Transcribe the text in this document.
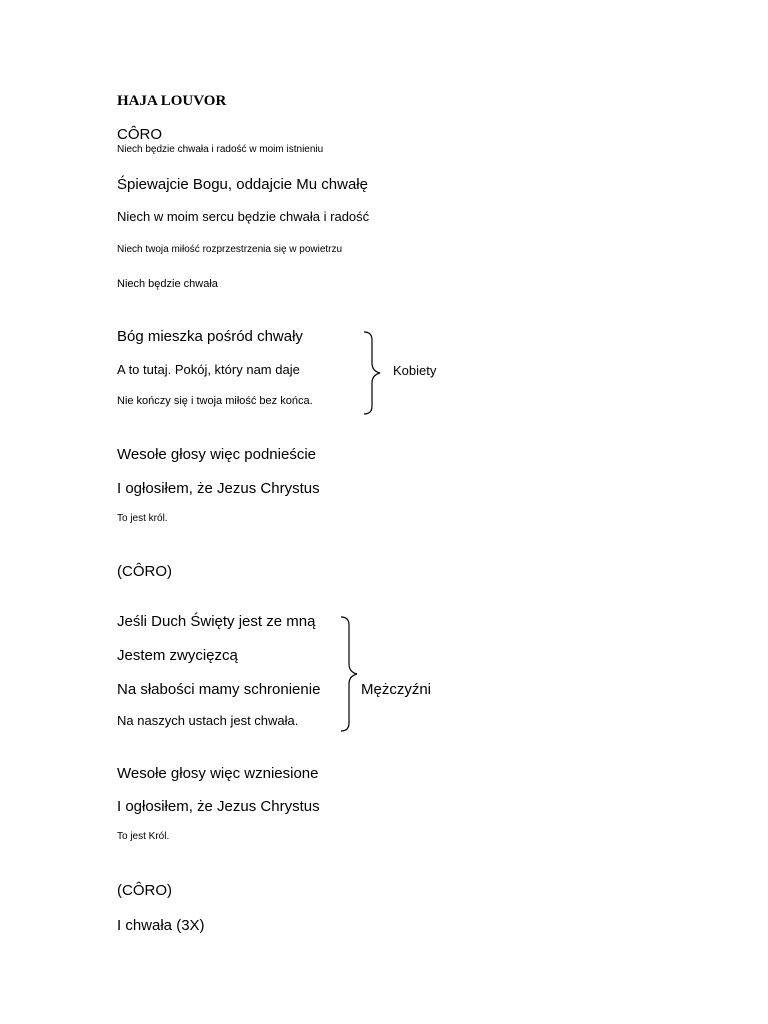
HAJA LOUVOR
CÔRO
Niech będzie chwała i radość w moim istnieniu
Śpiewajcie Bogu, oddajcie Mu chwałę
Niech w moim sercu będzie chwała i radość
Niech twoja miłość rozprzestrzenia się w powietrzu
Niech będzie chwała
Bóg mieszka pośród chwały
A to tutaj. Pokój, który nam daje
Nie kończy się i twoja miłość bez końca.
Kobiety
Wesołe głosy więc podnieście
I ogłosiłem, że Jezus Chrystus
To jest król.
(CÔRO)
Jeśli Duch Święty jest ze mną
Jestem zwycięzcą
Na słabości mamy schronienie
Na naszych ustach jest chwała.
Mężczyźni
Wesołe głosy więc wzniesione
I ogłosiłem, że Jezus Chrystus
To jest Król.
(CÔRO)
I chwała (3X)
